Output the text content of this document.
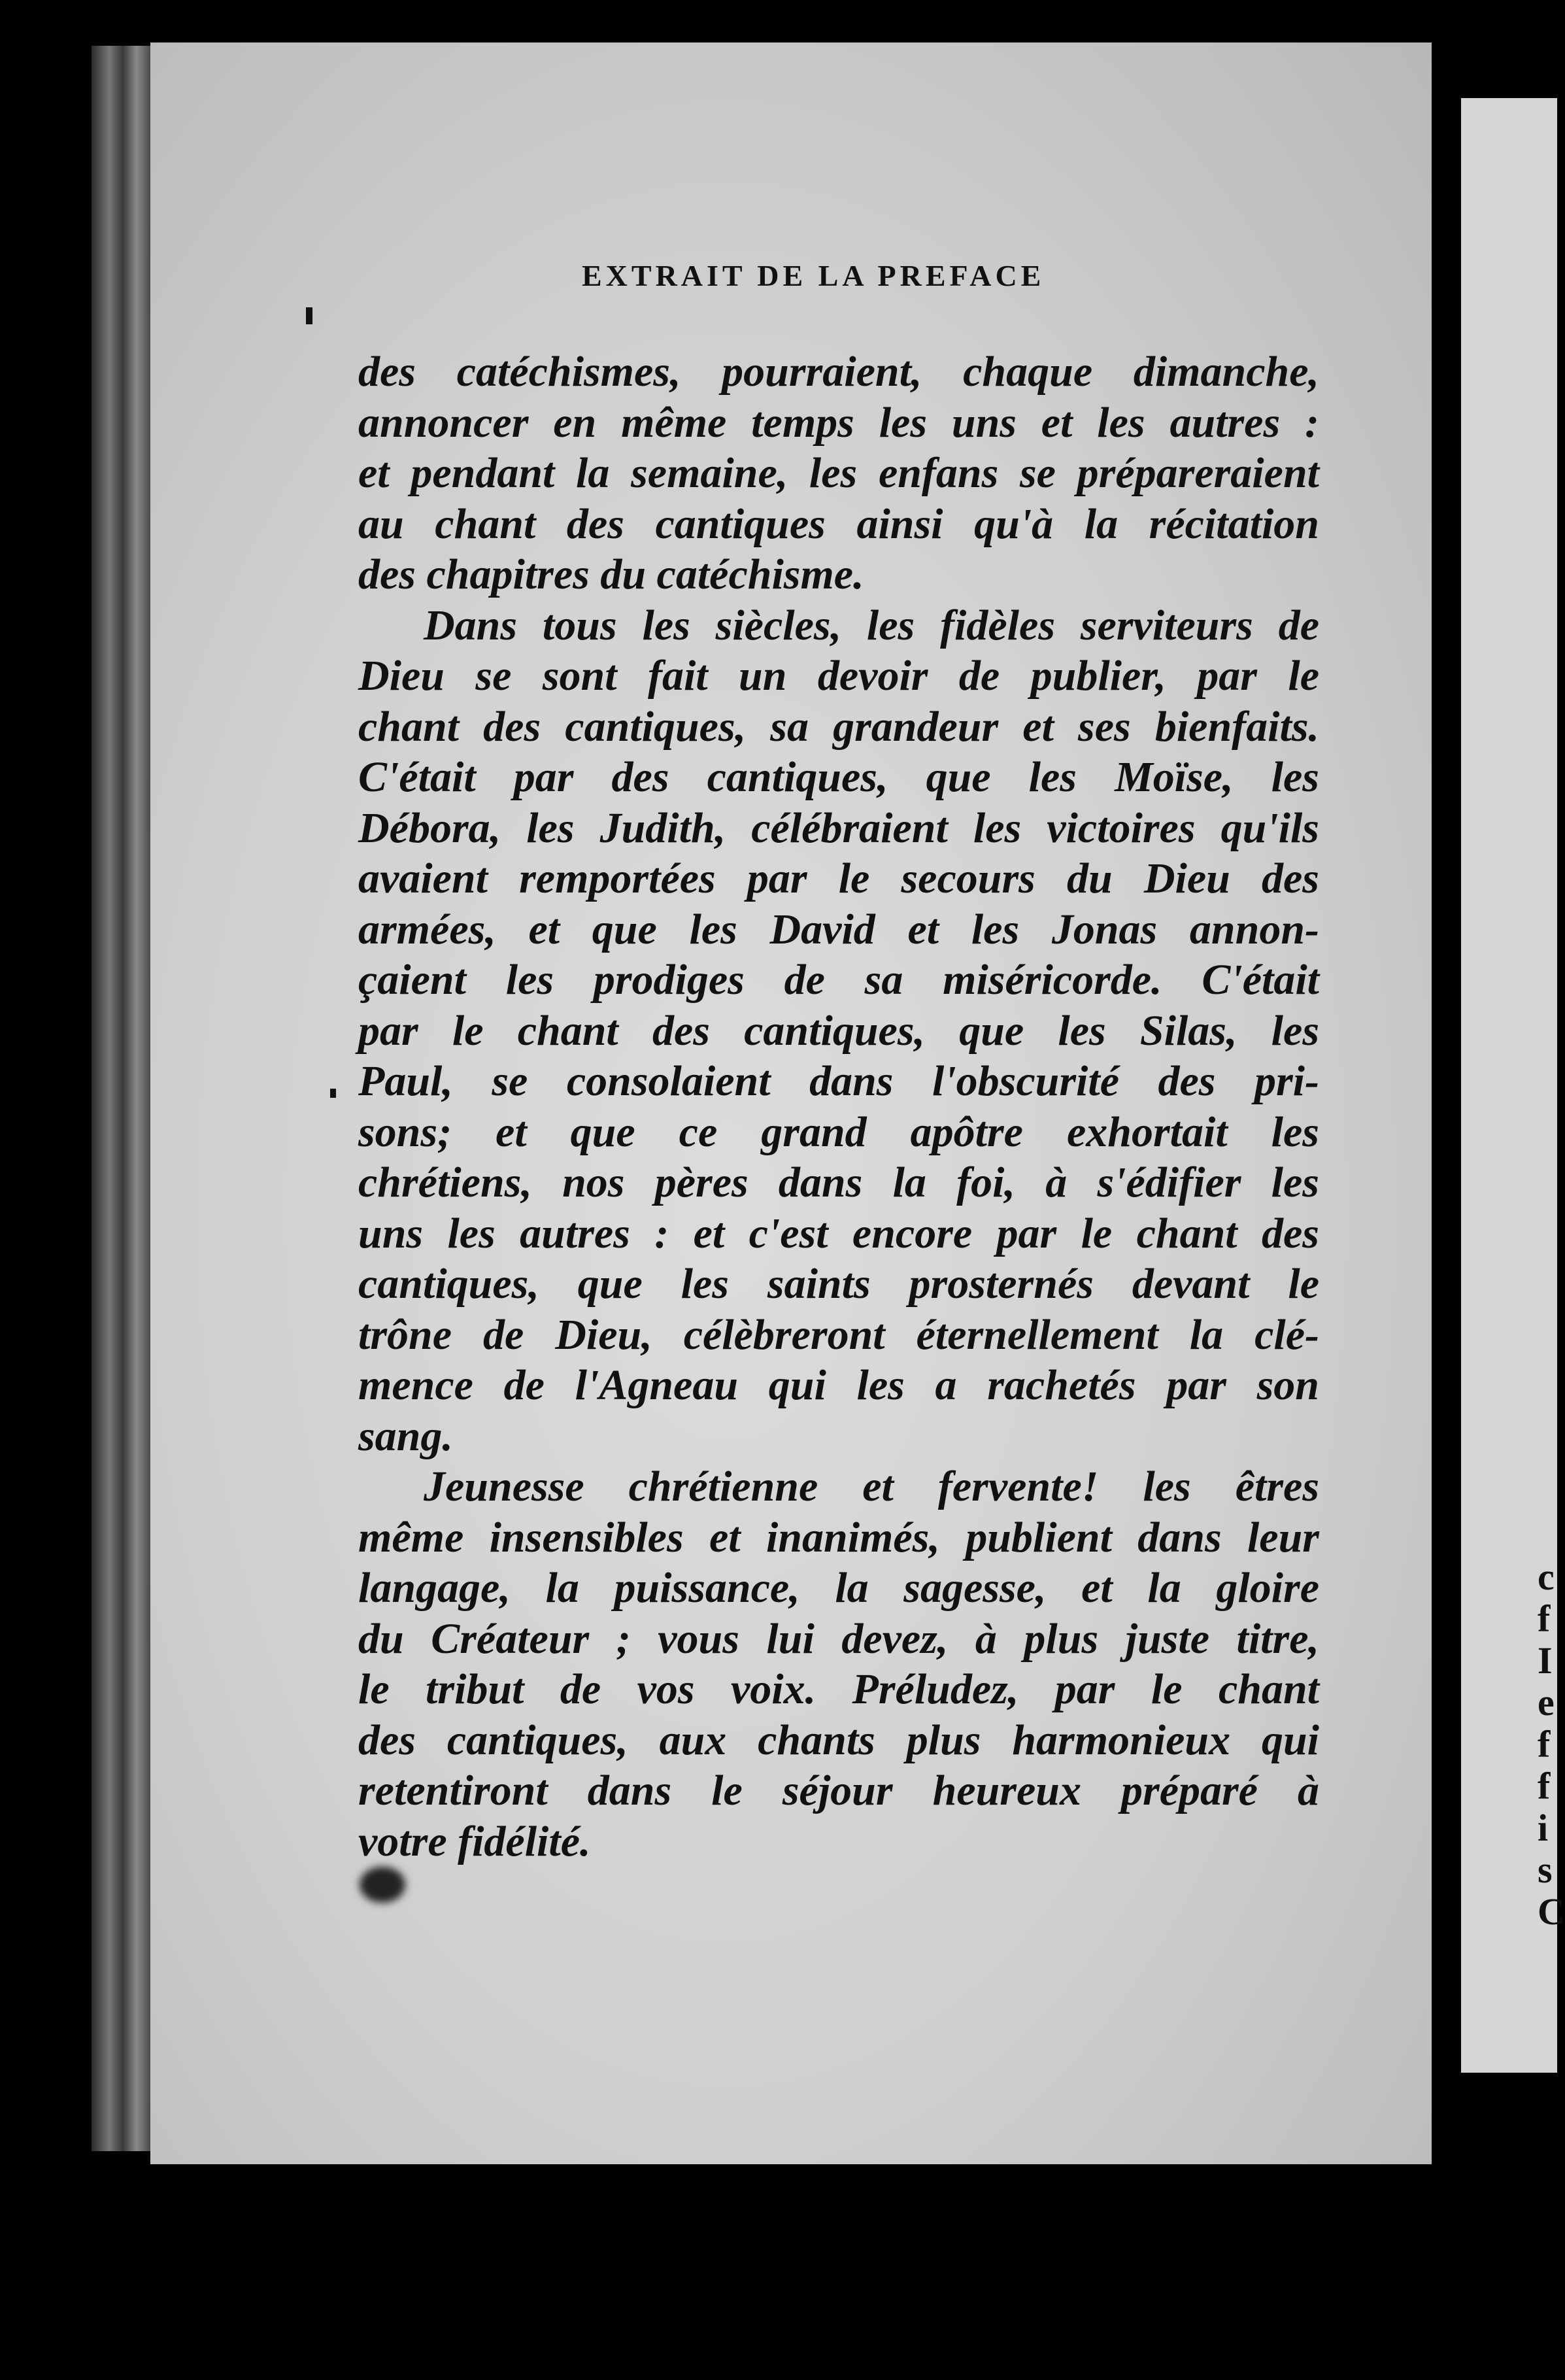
c
f
I
e
f
f
i
s
C
EXTRAIT DE LA PREFACE
des catéchismes, pourraient, chaque dimanche,
annoncer en même temps les uns et les autres :
et pendant la semaine, les enfans se prépareraient
au chant des cantiques ainsi qu'à la récitation
des chapitres du catéchisme.
Dans tous les siècles, les fidèles serviteurs de
Dieu se sont fait un devoir de publier, par le
chant des cantiques, sa grandeur et ses bienfaits.
C'était par des cantiques, que les Moïse, les
Débora, les Judith, célébraient les victoires qu'ils
avaient remportées par le secours du Dieu des
armées, et que les David et les Jonas annon-
çaient les prodiges de sa miséricorde. C'était
par le chant des cantiques, que les Silas, les
Paul, se consolaient dans l'obscurité des pri-
sons; et que ce grand apôtre exhortait les
chrétiens, nos pères dans la foi, à s'édifier les
uns les autres : et c'est encore par le chant des
cantiques, que les saints prosternés devant le
trône de Dieu, célèbreront éternellement la clé-
mence de l'Agneau qui les a rachetés par son
sang.
Jeunesse chrétienne et fervente! les êtres
même insensibles et inanimés, publient dans leur
langage, la puissance, la sagesse, et la gloire
du Créateur ; vous lui devez, à plus juste titre,
le tribut de vos voix. Préludez, par le chant
des cantiques, aux chants plus harmonieux qui
retentiront dans le séjour heureux préparé à
votre fidélité.
